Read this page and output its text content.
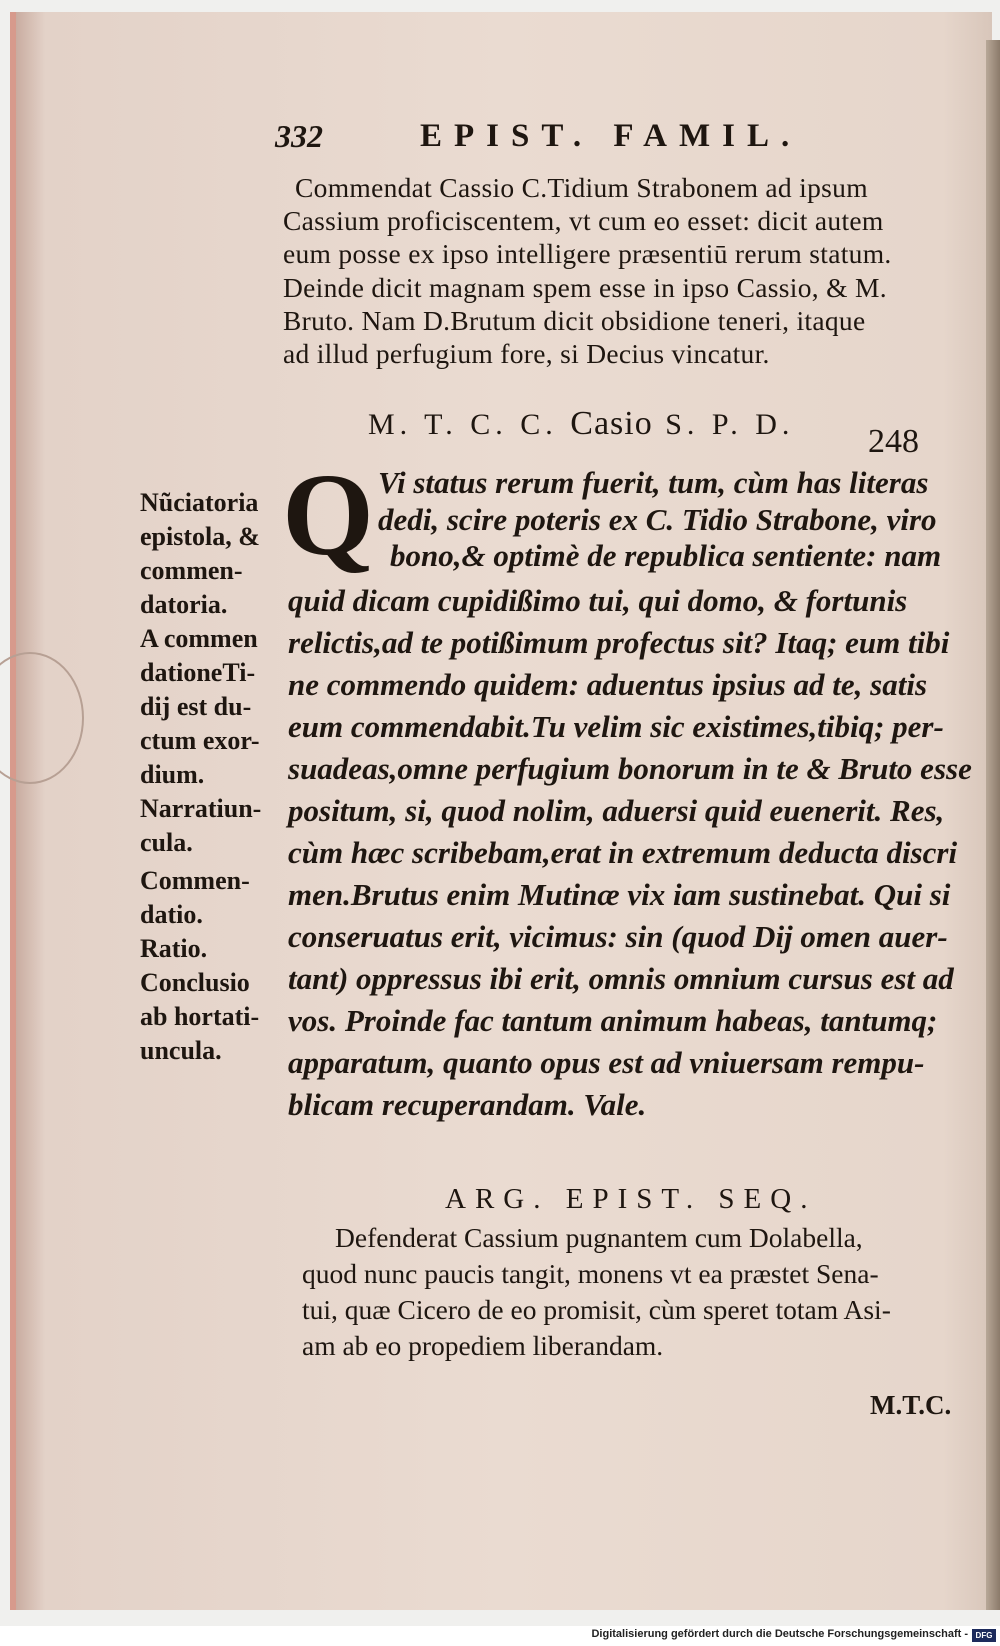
332	EPIST. FAMIL.
Commendat Cassio C.Tidium Strabonem ad ipsum
Cassium proficiscentem, vt cum eo esset: dicit autem
eum posse ex ipso intelligere præsentiū rerum statum.
Deinde dicit magnam spem esse in ipso Cassio, & M.
Bruto. Nam D.Brutum dicit obsidione teneri, itaque
ad illud perfugium fore, si Decius vincatur.
M. T. C. C. Casio S. P. D. 248
Q Vi status rerum fuerit, tum, cùm has literas
dedi, scire poteris ex C. Tidio Strabone, viro
bono,& optimè de republica sentiente: nam
quid dicam cupidißimo tui, qui domo, & fortunis
relictis,ad te potißimum profectus sit? Itaq; eum tibi
ne commendo quidem: aduentus ipsius ad te, satis
eum commendabit.Tu velim sic existimes,tibiq; per-
suadeas,omne perfugium bonorum in te & Bruto esse
positum, si, quod nolim, aduersi quid euenerit. Res,
cùm hæc scribebam,erat in extremum deducta discri
men.Brutus enim Mutinæ vix iam sustinebat. Qui si
conseruatus erit, vicimus: sin (quod Dij omen auer-
tant) oppressus ibi erit, omnis omnium cursus est ad
vos. Proinde fac tantum animum habeas, tantumq;
apparatum, quanto opus est ad vniuersam rempu-
blicam recuperandam. Vale.
Nũciatoria
epistola, &
commen-
datoria.
A commen
dationeTi-
dij est du-
ctum exor-
dium.
Narratiun-
cula.
Commen-
datio.
Ratio.
Conclusio
ab hortati-
uncula.
ARG. EPIST. SEQ.
Defenderat Cassium pugnantem cum Dolabella,
quod nunc paucis tangit, monens vt ea præstet Sena-
tui, quæ Cicero de eo promisit, cùm speret totam Asi-
am ab eo propediem liberandam.
M.T.C.
Digitalisierung gefördert durch die Deutsche Forschungsgemeinschaft - DFG
